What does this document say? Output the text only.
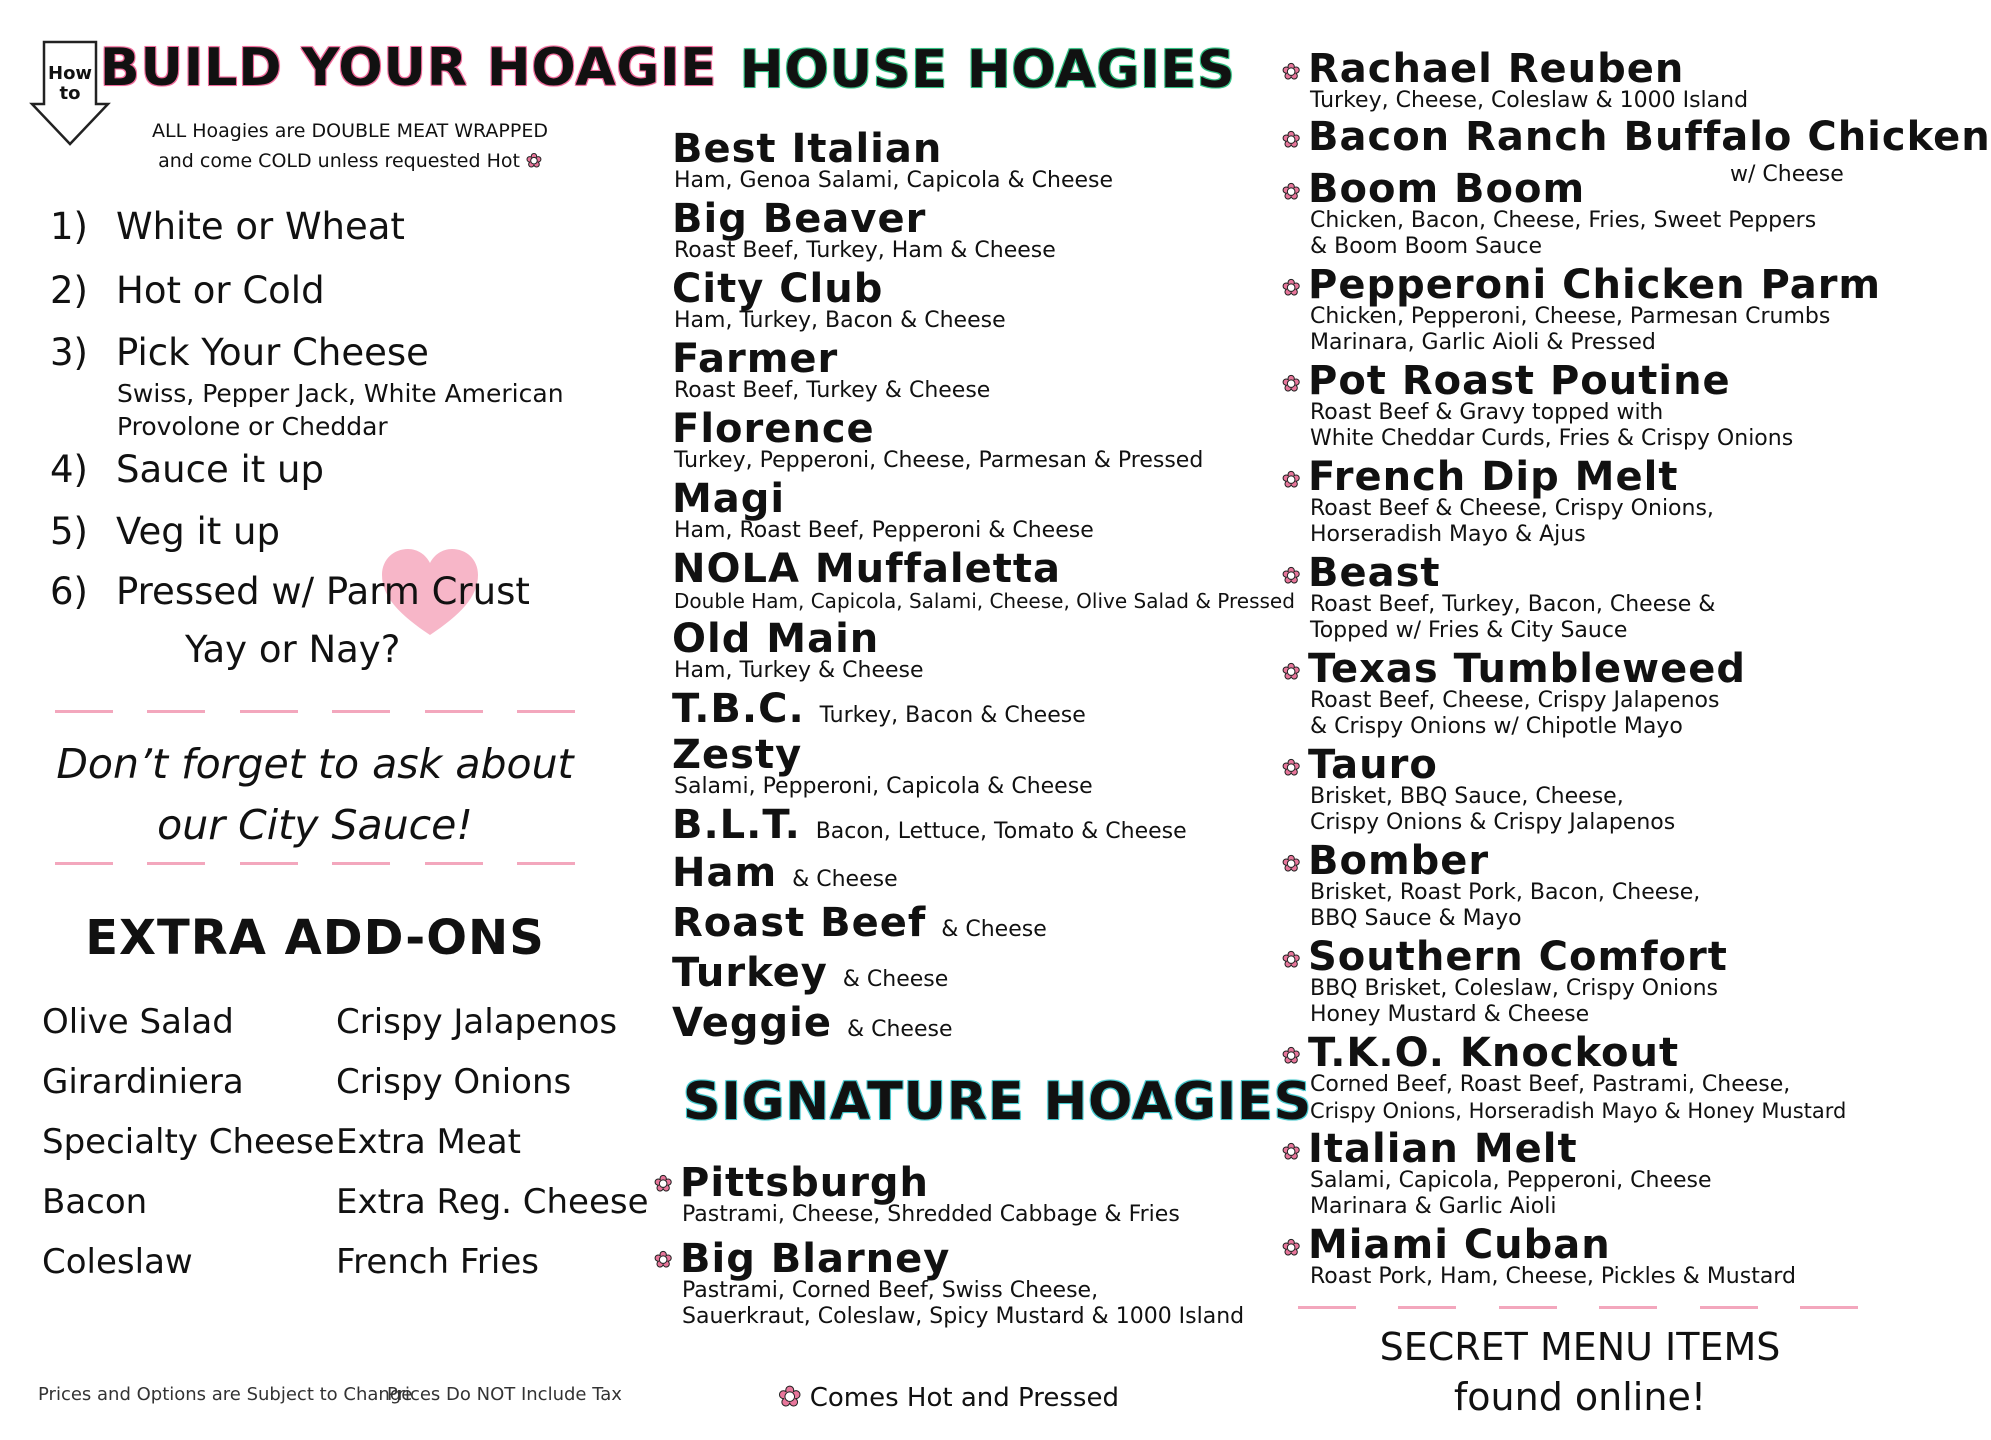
How to BUILD YOUR HOAGIE
ALL Hoagies are DOUBLE MEAT WRAPPED
and come COLD unless requested Hot ✿
1) White or Wheat
2) Hot or Cold
3) Pick Your Cheese
Swiss, Pepper Jack, White American
Provolone or Cheddar
4) Sauce it up
5) Veg it up
6) Pressed w/ Parm Crust
Yay or Nay?
Don’t forget to ask about
our City Sauce!
EXTRA ADD-ONS
Olive Salad
Girardiniera
Specialty Cheese
Bacon
Coleslaw
Crispy Jalapenos
Crispy Onions
Extra Meat
Extra Reg. Cheese
French Fries
Prices and Options are Subject to Change
Prices Do NOT Include Tax
HOUSE HOAGIES
Best Italian
Ham, Genoa Salami, Capicola & Cheese
Big Beaver
Roast Beef, Turkey, Ham & Cheese
City Club
Ham, Turkey, Bacon & Cheese
Farmer
Roast Beef, Turkey & Cheese
Florence
Turkey, Pepperoni, Cheese, Parmesan & Pressed
Magi
Ham, Roast Beef, Pepperoni & Cheese
NOLA Muffaletta
Double Ham, Capicola, Salami, Cheese, Olive Salad & Pressed
Old Main
Ham, Turkey & Cheese
T.B.C. Turkey, Bacon & Cheese
Zesty
Salami, Pepperoni, Capicola & Cheese
B.L.T. Bacon, Lettuce, Tomato & Cheese
Ham & Cheese
Roast Beef & Cheese
Turkey & Cheese
Veggie & Cheese
SIGNATURE HOAGIES
✿ Pittsburgh
Pastrami, Cheese, Shredded Cabbage & Fries
✿ Big Blarney
Pastrami, Corned Beef, Swiss Cheese,
Sauerkraut, Coleslaw, Spicy Mustard & 1000 Island
✿ Comes Hot and Pressed
✿ Rachael Reuben
Turkey, Cheese, Coleslaw & 1000 Island
✿ Bacon Ranch Buffalo Chicken
w/ Cheese
✿ Boom Boom
Chicken, Bacon, Cheese, Fries, Sweet Peppers
& Boom Boom Sauce
✿ Pepperoni Chicken Parm
Chicken, Pepperoni, Cheese, Parmesan Crumbs
Marinara, Garlic Aioli & Pressed
✿ Pot Roast Poutine
Roast Beef & Gravy topped with
White Cheddar Curds, Fries & Crispy Onions
✿ French Dip Melt
Roast Beef & Cheese, Crispy Onions,
Horseradish Mayo & Ajus
✿ Beast
Roast Beef, Turkey, Bacon, Cheese &
Topped w/ Fries & City Sauce
✿ Texas Tumbleweed
Roast Beef, Cheese, Crispy Jalapenos
& Crispy Onions w/ Chipotle Mayo
✿ Tauro
Brisket, BBQ Sauce, Cheese,
Crispy Onions & Crispy Jalapenos
✿ Bomber
Brisket, Roast Pork, Bacon, Cheese,
BBQ Sauce & Mayo
✿ Southern Comfort
BBQ Brisket, Coleslaw, Crispy Onions
Honey Mustard & Cheese
✿ T.K.O. Knockout
Corned Beef, Roast Beef, Pastrami, Cheese,
Crispy Onions, Horseradish Mayo & Honey Mustard
✿ Italian Melt
Salami, Capicola, Pepperoni, Cheese
Marinara & Garlic Aioli
✿ Miami Cuban
Roast Pork, Ham, Cheese, Pickles & Mustard
SECRET MENU ITEMS
found online!
